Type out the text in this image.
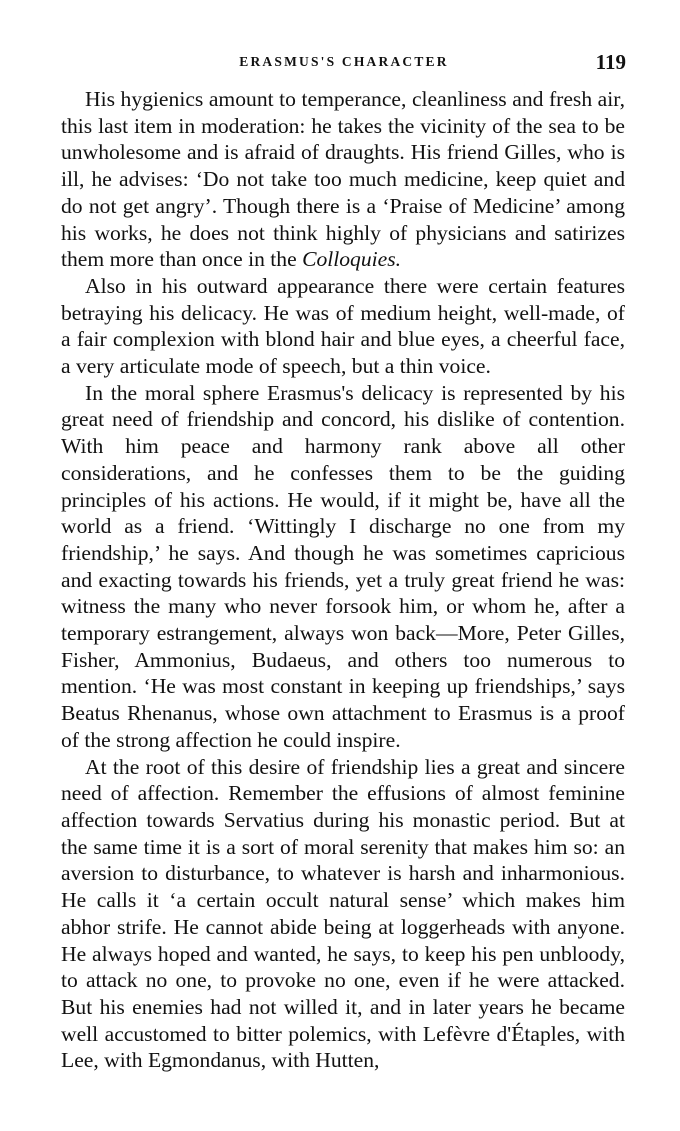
ERASMUS'S CHARACTER	119

His hygienics amount to temperance, cleanliness and fresh air, this last item in moderation: he takes the vicinity of the sea to be unwholesome and is afraid of draughts. His friend Gilles, who is ill, he advises: ‘Do not take too much medicine, keep quiet and do not get angry’. Though there is a ‘Praise of Medicine’ among his works, he does not think highly of physicians and satirizes them more than once in the Colloquies.

Also in his outward appearance there were certain features betraying his delicacy. He was of medium height, well-made, of a fair complexion with blond hair and blue eyes, a cheerful face, a very articulate mode of speech, but a thin voice.

In the moral sphere Erasmus's delicacy is represented by his great need of friendship and concord, his dislike of contention. With him peace and harmony rank above all other considerations, and he confesses them to be the guiding principles of his actions. He would, if it might be, have all the world as a friend. ‘Wittingly I discharge no one from my friendship,’ he says. And though he was sometimes capricious and exacting towards his friends, yet a truly great friend he was: witness the many who never forsook him, or whom he, after a temporary estrangement, always won back—More, Peter Gilles, Fisher, Ammonius, Budaeus, and others too numerous to mention. ‘He was most constant in keeping up friendships,’ says Beatus Rhenanus, whose own attachment to Erasmus is a proof of the strong affection he could inspire.

At the root of this desire of friendship lies a great and sincere need of affection. Remember the effusions of almost feminine affection towards Servatius during his monastic period. But at the same time it is a sort of moral serenity that makes him so: an aversion to disturbance, to whatever is harsh and inharmonious. He calls it ‘a certain occult natural sense’ which makes him abhor strife. He cannot abide being at loggerheads with anyone. He always hoped and wanted, he says, to keep his pen unbloody, to attack no one, to provoke no one, even if he were attacked. But his enemies had not willed it, and in later years he became well accustomed to bitter polemics, with Lefèvre d'Étaples, with Lee, with Egmondanus, with Hutten,
